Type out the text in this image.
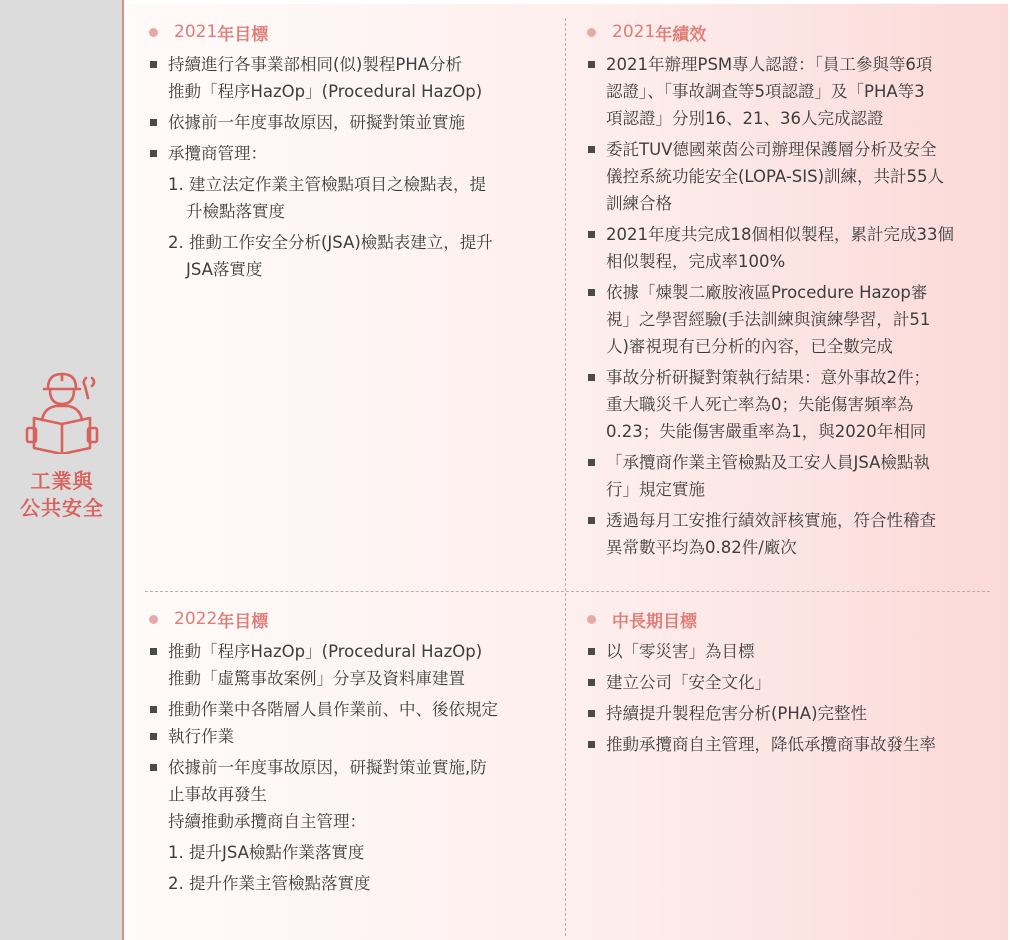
工業與
公共安全
2021 年目標
持續進行各事業部相同(似)製程PHA分析
推動「程序HazOp」(Procedural HazOp)
依據前一年度事故原因，研擬對策並實施
承攬商管理：
1. 建立法定作業主管檢點項目之檢點表，提
升檢點落實度
2. 推動工作安全分析(JSA)檢點表建立，提升
JSA落實度
2021 年績效
2021年辦理PSM專人認證：「員工參與等6項
認證」、「事故調查等5項認證」及「PHA等3
項認證」分別16、21、36人完成認證
委託TUV德國萊茵公司辦理保護層分析及安全
儀控系統功能安全(LOPA-SIS)訓練，共計55人
訓練合格
2021年度共完成18個相似製程，累計完成33個
相似製程，完成率100%
依據「煉製二廠胺液區Procedure Hazop審
視」之學習經驗(手法訓練與演練學習，計51
人)審視現有已分析的內容，已全數完成
事故分析研擬對策執行結果：意外事故2件；
重大職災千人死亡率為0；失能傷害頻率為
0.23；失能傷害嚴重率為1，與2020年相同
「承攬商作業主管檢點及工安人員JSA檢點執
行」規定實施
透過每月工安推行績效評核實施，符合性稽查
異常數平均為0.82件/廠次
2022 年目標
推動「程序HazOp」(Procedural HazOp)
推動「虛驚事故案例」分享及資料庫建置
推動作業中各階層人員作業前、中、後依規定
執行作業
依據前一年度事故原因，研擬對策並實施,防
止事故再發生
持續推動承攬商自主管理：
1. 提升JSA檢點作業落實度
2. 提升作業主管檢點落實度
中長期目標
以「零災害」為目標
建立公司「安全文化」
持續提升製程危害分析(PHA)完整性
推動承攬商自主管理，降低承攬商事故發生率
